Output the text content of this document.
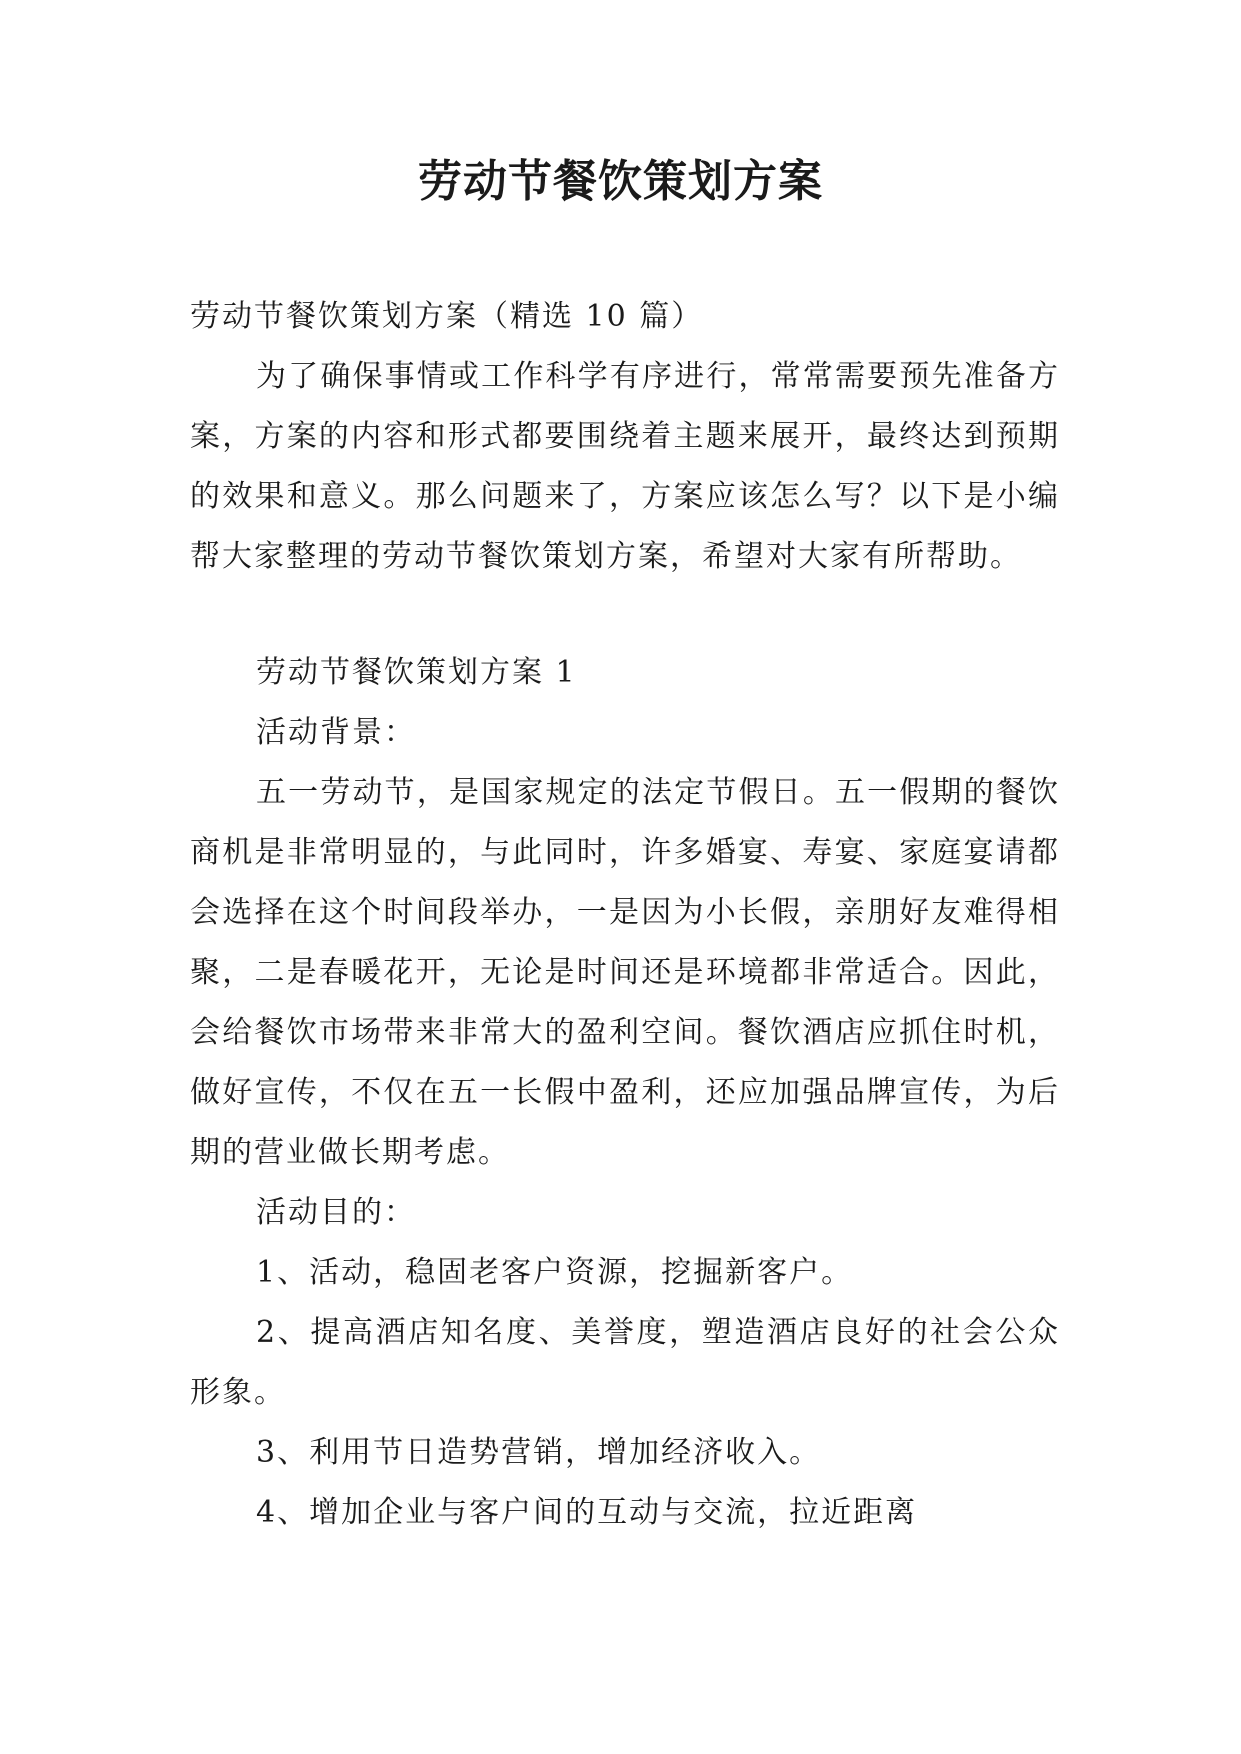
劳动节餐饮策划方案

劳动节餐饮策划方案（精选 10 篇）

为了确保事情或工作科学有序进行，常常需要预先准备方案，方案的内容和形式都要围绕着主题来展开，最终达到预期的效果和意义。那么问题来了，方案应该怎么写？以下是小编帮大家整理的劳动节餐饮策划方案，希望对大家有所帮助。

劳动节餐饮策划方案 1

活动背景：

五一劳动节，是国家规定的法定节假日。五一假期的餐饮商机是非常明显的，与此同时，许多婚宴、寿宴、家庭宴请都会选择在这个时间段举办，一是因为小长假，亲朋好友难得相聚，二是春暖花开，无论是时间还是环境都非常适合。因此，会给餐饮市场带来非常大的盈利空间。餐饮酒店应抓住时机，做好宣传，不仅在五一长假中盈利，还应加强品牌宣传，为后期的营业做长期考虑。

活动目的：

1、活动，稳固老客户资源，挖掘新客户。

2、提高酒店知名度、美誉度，塑造酒店良好的社会公众形象。

3、利用节日造势营销，增加经济收入。

4、增加企业与客户间的互动与交流，拉近距离
